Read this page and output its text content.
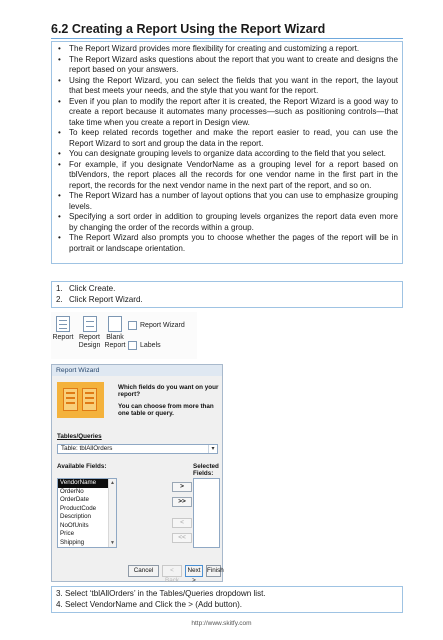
6.2 Creating a Report Using the Report Wizard
• The Report Wizard provides more flexibility for creating and customizing a report.
• The Report Wizard asks questions about the report that you want to create and designs the report based on your answers.
• Using the Report Wizard, you can select the fields that you want in the report, the layout that best meets your needs, and the style that you want for the report.
• Even if you plan to modify the report after it is created, the Report Wizard is a good way to create a report because it automates many processes—such as positioning controls—that take time when you create a report in Design view.
• To keep related records together and make the report easier to read, you can use the Report Wizard to sort and group the data in the report.
• You can designate grouping levels to organize data according to the field that you select.
• For example, if you designate VendorName as a grouping level for a report based on tblVendors, the report places all the records for one vendor name in the first part in the report, the records for the next vendor name in the next part of the report, and so on.
• The Report Wizard has a number of layout options that you can use to emphasize grouping levels.
• Specifying a sort order in addition to grouping levels organizes the report data even more by changing the order of the records within a group.
• The Report Wizard also prompts you to choose whether the pages of the report will be in portrait or landscape orientation.
1. Click Create.
2. Click Report Wizard.
Report Report
Design
Blank
Report
Report Wizard
Labels
Report Wizard
Which fields do you want on your report?
You can choose from more than one table or query.
Tables/Queries
Table: tblAllOrders	▾
Available Fields:	Selected Fields:
VendorName
OrderNo
OrderDate
ProductCode
Description
NoOfUnits
Price
Shipping
▲
▼
>
>>
<
<<
Cancel	< Back
Next >
Finish
3. Select ‘tblAllOrders’ in the Tables/Queries dropdown list.
4. Select VendorName and Click the > (Add button).
http://www.skitfy.com
